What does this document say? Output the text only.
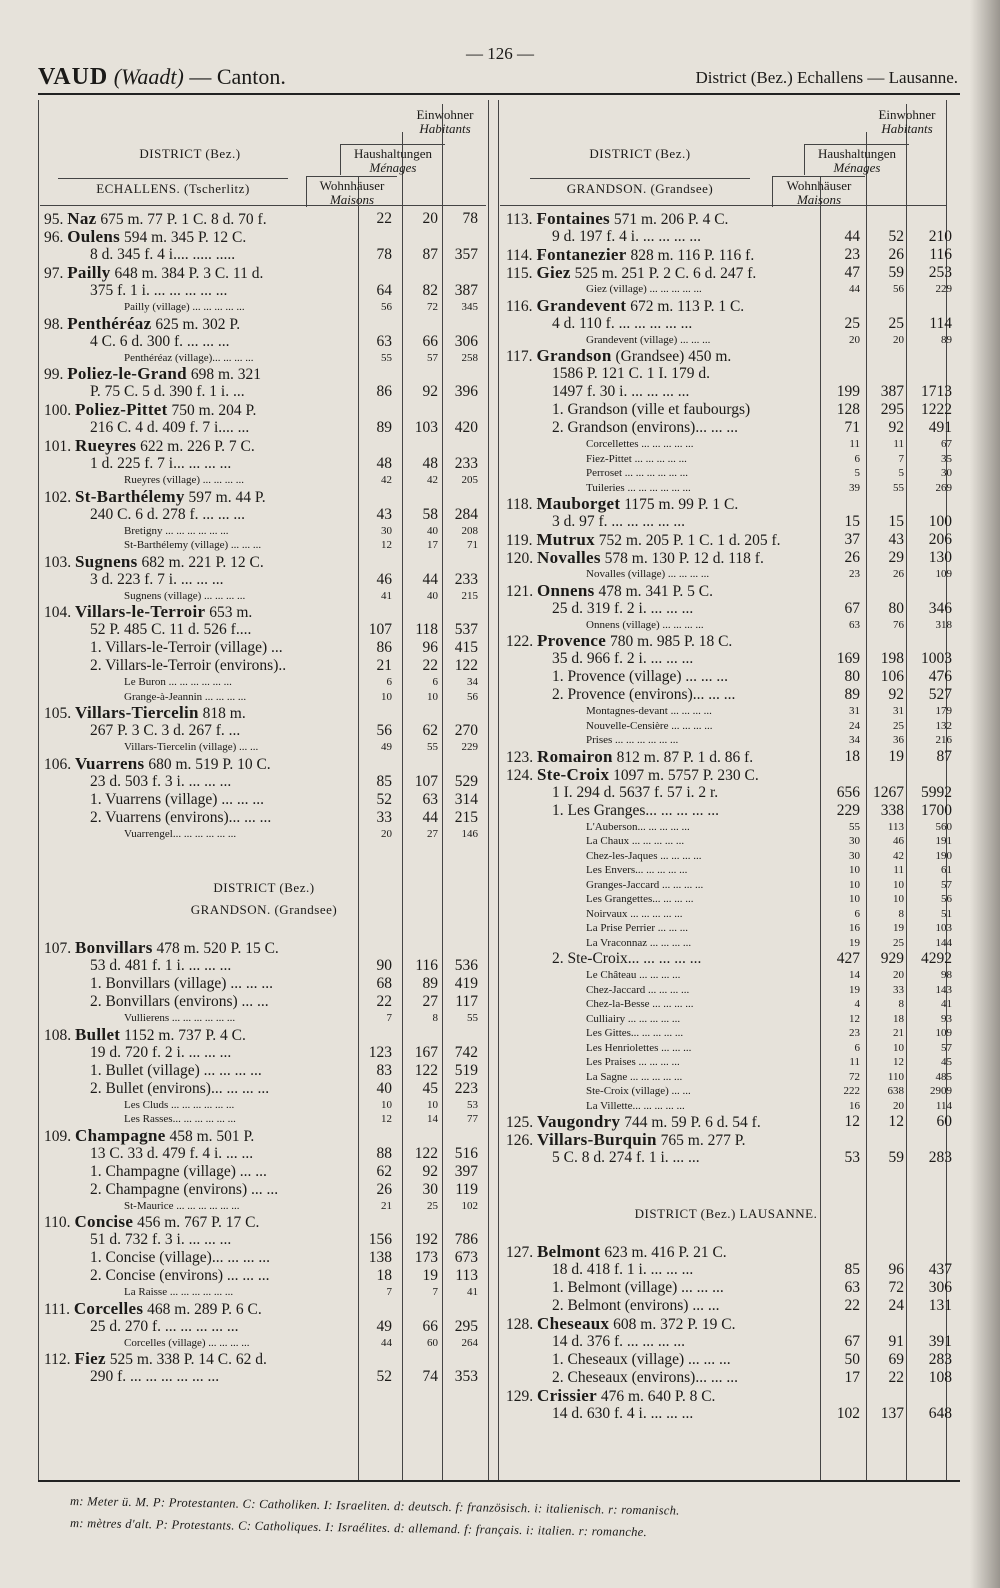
— 126 —
VAUD (Waadt) — Canton.	District (Bez.) Echallens — Lausanne.
Einwohner
Habitants
Haushaltungen
Ménages
Wohnhäuser
Maisons
DISTRICT (Bez.)
ECHALLENS. (Tscherlitz)
Einwohner
Habitants
Haushaltungen
Ménages
Wohnhäuser
Maisons
DISTRICT (Bez.)
GRANDSON. (Grandsee)
95. Naz 675 m. 77 P. 1 C. 8 d. 70 f.	22 20 78
96. Oulens 594 m. 345 P. 12 C.
8 d. 345 f. 4 i.... ..... .....	78 87 357
97. Pailly 648 m. 384 P. 3 C. 11 d.
375 f. 1 i. ... ... ... ... ...	64 82 387
Pailly (village) ... ... ... ... ...	56	72 345
98. Penthéréaz 625 m. 302 P.
4 C. 6 d. 300 f. ... ... ...	63 66 306
Penthéréaz (village)... ... ... ...	55	57 258
99. Poliez-le-Grand 698 m. 321
P. 75 C. 5 d. 390 f. 1 i. ...	86 92 396
100. Poliez-Pittet 750 m. 204 P.
216 C. 4 d. 409 f. 7 i.... ...	89 103 420
101. Rueyres 622 m. 226 P. 7 C.
1 d. 225 f. 7 i... ... ... ...	48 48 233
Rueyres (village) ... ... ... ...	42	42 205
102. St-Barthélemy 597 m. 44 P.
240 C. 6 d. 278 f. ... ... ...	43 58 284
Bretigny ... ... ... ... ... ...	30	40 208
St-Barthélemy (village) ... ... ...	12	17	71
103. Sugnens 682 m. 221 P. 12 C.
3 d. 223 f. 7 i. ... ... ...	46 44 233
Sugnens (village) ... ... ... ...	41	40 215
104. Villars-le-Terroir 653 m.
52 P. 485 C. 11 d. 526 f....	107 118 537
1. Villars-le-Terroir (village) ...	86 96 415
2. Villars-le-Terroir (environs)..	21 22 122
Le Buron ... ... ... ... ... ...	6	6	34
Grange-à-Jeannin ... ... ... ...	10	10	56
105. Villars-Tiercelin 818 m.
267 P. 3 C. 3 d. 267 f. ...	56 62 270
Villars-Tiercelin (village) ... ...	49	55 229
106. Vuarrens 680 m. 519 P. 10 C.
23 d. 503 f. 3 i. ... ... ...	85 107 529
1. Vuarrens (village) ... ... ...	52 63 314
2. Vuarrens (environs)... ... ...	33 44 215
Vuarrengel... ... ... ... ... ...	20	27 146
DISTRICT (Bez.)
GRANDSON. (Grandsee)
107. Bonvillars 478 m. 520 P. 15 C.
53 d. 481 f. 1 i. ... ... ...	90 116 536
1. Bonvillars (village) ... ... ...	68 89 419
2. Bonvillars (environs) ... ...	22 27 117
Vullierens ... ... ... ... ... ...	7	8	55
108. Bullet 1152 m. 737 P. 4 C.
19 d. 720 f. 2 i. ... ... ...	123 167 742
1. Bullet (village) ... ... ... ...	83 122 519
2. Bullet (environs)... ... ... ...	40 45 223
Les Cluds ... ... ... ... ... ...	10	10	53
Les Rasses... ... ... ... ... ...	12	14	77
109. Champagne 458 m. 501 P.
13 C. 33 d. 479 f. 4 i. ... ...	88 122 516
1. Champagne (village) ... ...	62 92 397
2. Champagne (environs) ... ...	26 30 119
St-Maurice ... ... ... ... ... ...	21	25 102
110. Concise 456 m. 767 P. 17 C.
51 d. 732 f. 3 i. ... ... ...	156 192 786
1. Concise (village)... ... ... ...	138 173 673
2. Concise (environs) ... ... ...	18 19 113
La Raisse ... ... ... ... ... ...	7	7	41
111. Corcelles 468 m. 289 P. 6 C.
25 d. 270 f. ... ... ... ... ...	49 66 295
Corcelles (village) ... ... ... ...	44	60 264
112. Fiez 525 m. 338 P. 14 C. 62 d.
290 f. ... ... ... ... ... ...	52 74 353
113. Fontaines 571 m. 206 P. 4 C.
9 d. 197 f. 4 i. ... ... ... ...	44 52 210
114. Fontanezier 828 m. 116 P. 116 f.	23 26 116
115. Giez 525 m. 251 P. 2 C. 6 d. 247 f.	47 59 253
Giez (village) ... ... ... ... ...	44	56	229
116. Grandevent 672 m. 113 P. 1 C.
4 d. 110 f. ... ... ... ... ...	25 25 114
Grandevent (village) ... ... ...	20	20	89
117. Grandson (Grandsee) 450 m.
1586 P. 121 C. 1 I. 179 d.
1497 f. 30 i. ... ... ... ...	199 387 1713
1. Grandson (ville et faubourgs)	128 295 1222
2. Grandson (environs)... ... ...	71 92 491
Corcellettes ... ... ... ... ...	11	11	67
Fiez-Pittet ... ... ... ... ...	6	7	35
Perroset ... ... ... ... ... ...	5	5	30
Tuileries ... ... ... ... ... ...	39	55	269
118. Mauborget 1175 m. 99 P. 1 C.
3 d. 97 f. ... ... ... ... ...	15 15 100
119. Mutrux 752 m. 205 P. 1 C. 1 d. 205 f.	37 43 206
120. Novalles 578 m. 130 P. 12 d. 118 f.	26 29 130
Novalles (village) ... ... ... ...	23	26	109
121. Onnens 478 m. 341 P. 5 C.
25 d. 319 f. 2 i. ... ... ...	67 80 346
Onnens (village) ... ... ... ...	63	76	318
122. Provence 780 m. 985 P. 18 C.
35 d. 966 f. 2 i. ... ... ...	169 198 1003
1. Provence (village) ... ... ...	80 106 476
2. Provence (environs)... ... ...	89 92 527
Montagnes-devant ... ... ... ...	31	31	179
Nouvelle-Censière ... ... ... ...	24	25	132
Prises ... ... ... ... ... ...	34	36	216
123. Romairon 812 m. 87 P. 1 d. 86 f.	18 19 87
124. Ste-Croix 1097 m. 5757 P. 230 C.
1 I. 294 d. 5637 f. 57 i. 2 r.	656 1267 5992
1. Les Granges... ... ... ... ...	229 338 1700
L'Auberson... ... ... ... ...	55	113	560
La Chaux ... ... ... ... ...	30	46	191
Chez-les-Jaques ... ... ... ...	30	42	190
Les Envers... ... ... ... ...	10	11	61
Granges-Jaccard ... ... ... ...	10	10	57
Les Grangettes... ... ... ...	10	10	56
Noirvaux ... ... ... ... ...	6	8	51
La Prise Perrier ... ... ...	16	19	103
La Vraconnaz ... ... ... ...	19	25	144
2. Ste-Croix... ... ... ... ...	427 929 4292
Le Château ... ... ... ...	14	20	98
Chez-Jaccard ... ... ... ...	19	33	143
Chez-la-Besse ... ... ... ...	4	8	41
Culliairy ... ... ... ... ...	12	18	93
Les Gittes... ... ... ... ...	23	21	109
Les Henriolettes ... ... ...	6	10	57
Les Praises ... ... ... ...	11	12	45
La Sagne ... ... ... ... ...	72	110	485
Ste-Croix (village) ... ...	222	638 2909
La Villette... ... ... ... ...	16	20	114
125. Vaugondry 744 m. 59 P. 6 d. 54 f.	12 12 60
126. Villars-Burquin 765 m. 277 P.
5 C. 8 d. 274 f. 1 i. ... ...	53 59 283
DISTRICT (Bez.) LAUSANNE.
127. Belmont 623 m. 416 P. 21 C.
18 d. 418 f. 1 i. ... ... ...	85 96 437
1. Belmont (village) ... ... ...	63 72 306
2. Belmont (environs) ... ...	22 24 131
128. Cheseaux 608 m. 372 P. 19 C.
14 d. 376 f. ... ... ... ...	67 91 391
1. Cheseaux (village) ... ... ...	50 69 283
2. Cheseaux (environs)... ... ...	17 22 108
129. Crissier 476 m. 640 P. 8 C.
14 d. 630 f. 4 i. ... ... ...	102 137 648
m: Meter ü. M. P: Protestanten. C: Catholiken. I: Israeliten. d: deutsch. f: französisch. i: italienisch. r: romanisch.
m: mètres d'alt. P: Protestants. C: Catholiques. I: Israélites. d: allemand. f: français. i: italien. r: romanche.
